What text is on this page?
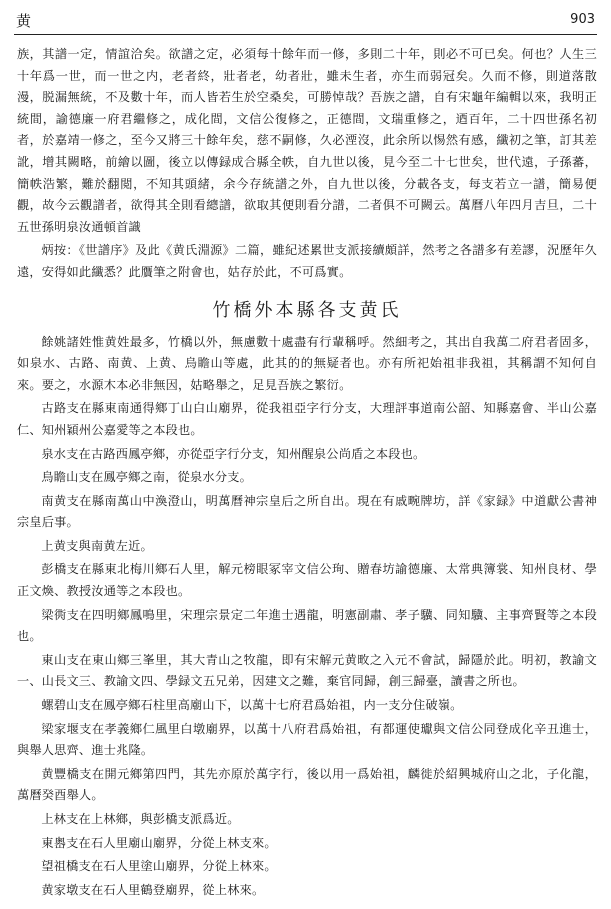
黄	903

族，其譜一定，情誼洽矣。欲譜之定，必須每十餘年而一修，多則二十年，則必不可已矣。何也？人生三十年爲一世，而一世之内，老者終，壯者老，幼者壯，雖未生者，亦生而弱冠矣。久而不修，則道落散漫，脱漏無統，不及數十年，而人皆若生於空桑矣，可勝悼哉？吾族之譜，自有宋龜年編輯以來，我明正統間，諭德廉一府君繼修之，成化間，文信公復修之，正德間，文瑞重修之，迺百年，二十四世孫名初者，於嘉靖一修之，至今又將三十餘年矣，慈不嗣修，久必湮沒，此余所以惕然有感，纖初之筆，訂其差訛，增其闕略，前繪以圖，後立以傳録成合縣全帙，自九世以後，見今至二十七世矣，世代遠，子孫蕃，簡帙浩繁，難於翻閲，不知其頭緒，余今存統譜之外，自九世以後，分載各支，每支若立一譜，簡易便觀，故今云觀譜者，欲得其全則看總譜，欲取其便則看分譜，二者俱不可闕云。萬曆八年四月吉旦，二十五世孫明泉汝通頓首識

炳按：《世譜序》及此《黄氏淵源》二篇，雖紀述累世支派接續頗詳，然考之各譜多有差謬，況歷年久遠，安得如此纖悉？此贋筆之附會也，姑存於此，不可爲實。

竹橋外本縣各支黄氏

餘姚諸姓惟黄姓最多，竹橋以外，無慮數十處盡有行輩稱呼。然細考之，其出自我萬二府君者固多，如泉水、古路、南黄、上黄、烏瞻山等處，此其的的無疑者也。亦有所祀始祖非我祖，其稱謂不知何自來。要之，水源木本必非無因，姑略舉之，足見吾族之繁衍。

古路支在縣東南通得鄉丁山白山廟界，從我祖亞字行分支，大理評事道南公韶、知縣嘉會、半山公嘉仁、知州穎州公嘉愛等之本段也。

泉水支在古路西鳳亭鄉，亦從亞字行分支，知州醒泉公尚盾之本段也。

烏瞻山支在鳳亭鄉之南，從泉水分支。

南黄支在縣南萬山中渙澄山，明萬曆神宗皇后之所自出。現在有戚畹牌坊，詳《家録》中道獻公書神宗皇后事。

上黄支與南黄左近。

彭橋支在縣東北梅川鄉石人里，解元榜眼冢宰文信公珣、贈春坊諭德廉、太常典簿裳、知州良材、學正文煥、教授汝通等之本段也。

梁衖支在四明鄉鳳鳴里，宋理宗景定二年進士遇龍，明憲副肅、孝子驥、同知驥、主事齊賢等之本段也。

東山支在東山鄉三峯里，其大青山之牧龍，即有宋解元黄畋之入元不會試，歸隱於此。明初，教諭文一、山長文三、教諭文四、學録文五兄弟，因建文之難，棄官同歸，創三歸臺，讀書之所也。

螺碧山支在鳳亭鄉石柱里高廟山下，以萬十七府君爲始祖，内一支分住破嶺。

梁家堰支在孝義鄉仁風里白墩廟界，以萬十八府君爲始祖，有都運使瓛與文信公同登成化辛丑進士，與舉人思齊、進士兆隆。

黄豐橋支在開元鄉第四門，其先亦原於萬字行，後以用一爲始祖，麟徙於紹興城府山之北，子化龍，萬曆癸酉舉人。

上林支在上林鄉，與彭橋支派爲近。

東嶴支在石人里廟山廟界，分從上林支來。

望祖橋支在石人里塗山廟界，分從上林來。

黄家墩支在石人里鶴登廟界，從上林來。
